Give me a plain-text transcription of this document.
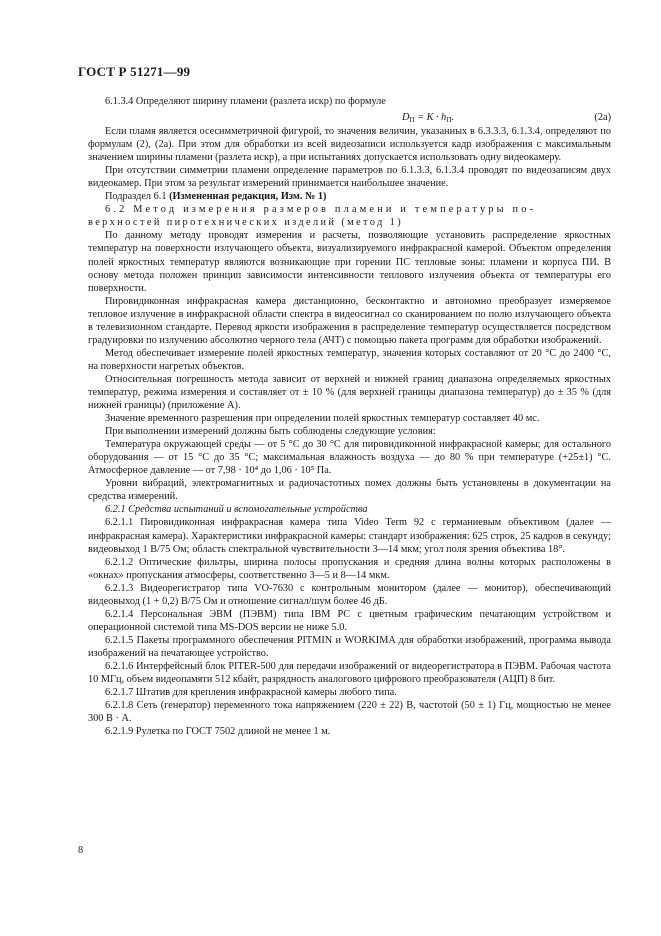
ГОСТ Р 51271—99

6.1.3.4 Определяют ширину пламени (разлета искр) по формуле

$D_П = K \cdot h_П$.	(2а)

Если пламя является осесимметричной фигурой, то значения величин, указанных в 6.3.3.3, 6.1.3.4, определяют по формулам (2), (2а). При этом для обработки из всей видеозаписи используется кадр изображения с максимальным значением ширины пламени (разлета искр), а при испытаниях допускается использовать одну видеокамеру.

При отсутствии симметрии пламени определение параметров по 6.1.3.3, 6.1.3.4 проводят по видеозаписям двух видеокамер. При этом за результат измерений принимается наибольшее значение.

Подраздел 6.1 (Измененная редакция, Изм. № 1)

6.2 Метод измерения размеров пламени и температуры по-

верхностей пиротехнических изделий (метод 1)

По данному методу проводят измерения и расчеты, позволяющие установить распределение яркостных температур на поверхности излучающего объекта, визуализируемого инфракрасной камерой. Объектом определения полей яркостных температур являются возникающие при горении ПС тепловые зоны: пламени и корпуса ПИ. В основу метода положен принцип зависимости интенсивности теплового излучения объекта от температуры его поверхности.

Пировидиконная инфракрасная камера дистанционно, бесконтактно и автономно преобразует измеряемое тепловое излучение в инфракрасной области спектра в видеосигнал со сканированием по полю излучающего объекта в телевизионном стандарте. Перевод яркости изображения в распределение температур осуществляется посредством градуировки по излучению абсолютно черного тела (АЧТ) с помощью пакета программ для обработки изображений.

Метод обеспечивает измерение полей яркостных температур, значения которых составляют от 20 °С до 2400 °С, на поверхности нагретых объектов.

Относительная погрешность метода зависит от верхней и нижней границ диапазона определяемых яркостных температур, режима измерения и составляет от ± 10 % (для верхней границы диапазона температур) до ± 35 % (для нижней границы) (приложение А).

Значение временного разрешения при определении полей яркостных температур составляет 40 мс.

При выполнении измерений должны быть соблюдены следующие условия:

Температура окружающей среды — от 5 °С до 30 °С для пировидиконной инфракрасной камеры; для остального оборудования — от 15 °С до 35 °С; максимальная влажность воздуха — до 80 % при температуре (+25±1) °С. Атмосферное давление — от 7,98 · 10⁴ до 1,06 · 10⁵ Па.

Уровни вибраций, электромагнитных и радиочастотных помех должны быть установлены в документации на средства измерений.

6.2.1 Средства испытаний и вспомогательные устройства

6.2.1.1 Пировидиконная инфракрасная камера типа Video Term 92 с германиевым объективом (далее — инфракрасная камера). Характеристики инфракрасной камеры: стандарт изображения: 625 строк, 25 кадров в секунду; видеовыход 1 В/75 Ом; область спектральной чувствительности 3—14 мкм; угол поля зрения объектива 18°.

6.2.1.2 Оптические фильтры, ширина полосы пропускания и средняя длина волны которых расположены в «окнах» пропускания атмосферы, соответственно 3—5 и 8—14 мкм.

6.2.1.3 Видеорегистратор типа VO-7630 с контрольным монитором (далее — монитор), обеспечивающий видеовыход (1 + 0,2) В/75 Ом и отношение сигнал/шум более 46 дБ.

6.2.1.4 Персональная ЭВМ (ПЭВМ) типа IBM PC с цветным графическим печатающим устройством и операционной системой типа MS-DOS версии не ниже 5.0.

6.2.1.5 Пакеты программного обеспечения PITMIN и WORKIMA для обработки изображений, программа вывода изображений на печатающее устройство.

6.2.1.6 Интерфейсный блок PITER-500 для передачи изображений от видеорегистратора в ПЭВМ. Рабочая частота 10 МГц, объем видеопамяти 512 кбайт, разрядность аналогового цифрового преобразователя (АЦП) 8 бит.

6.2.1.7 Штатив для крепления инфракрасной камеры любого типа.

6.2.1.8 Сеть (генератор) переменного тока напряжением (220 ± 22) В, частотой (50 ± 1) Гц, мощностью не менее 300 В · А.

6.2.1.9 Рулетка по ГОСТ 7502 длиной не менее 1 м.

8
